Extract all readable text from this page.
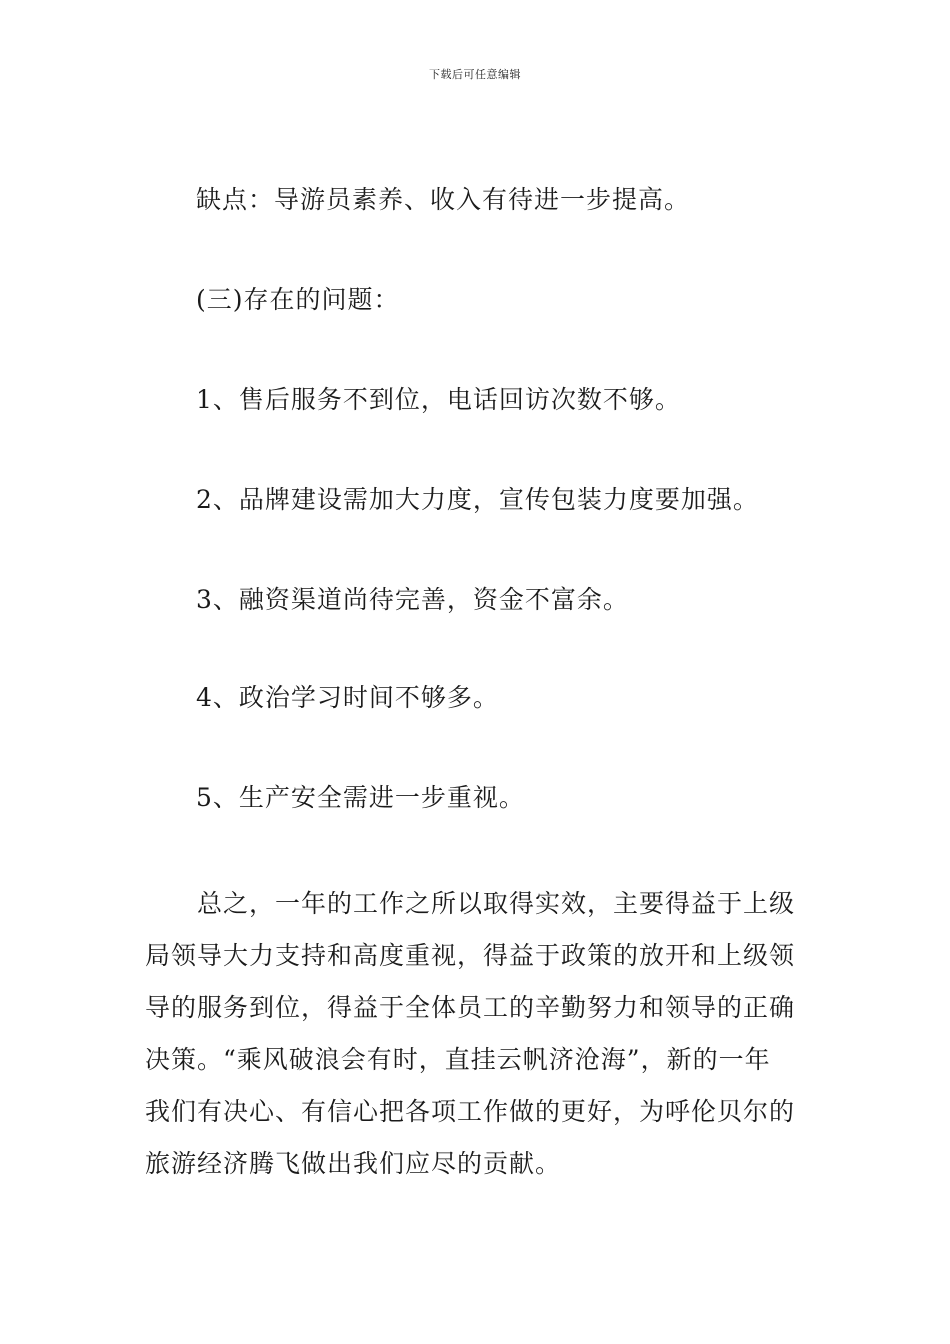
下载后可任意编辑
缺点：导游员素养、收入有待进一步提高。
(三)存在的问题：
1、售后服务不到位，电话回访次数不够。
2、品牌建设需加大力度，宣传包装力度要加强。
3、融资渠道尚待完善，资金不富余。
4、政治学习时间不够多。
5、生产安全需进一步重视。
总之，一年的工作之所以取得实效，主要得益于上级
局领导大力支持和高度重视，得益于政策的放开和上级领
导的服务到位，得益于全体员工的辛勤努力和领导的正确
决策。“乘风破浪会有时，直挂云帆济沧海”，新的一年
我们有决心、有信心把各项工作做的更好，为呼伦贝尔的
旅游经济腾飞做出我们应尽的贡献。
